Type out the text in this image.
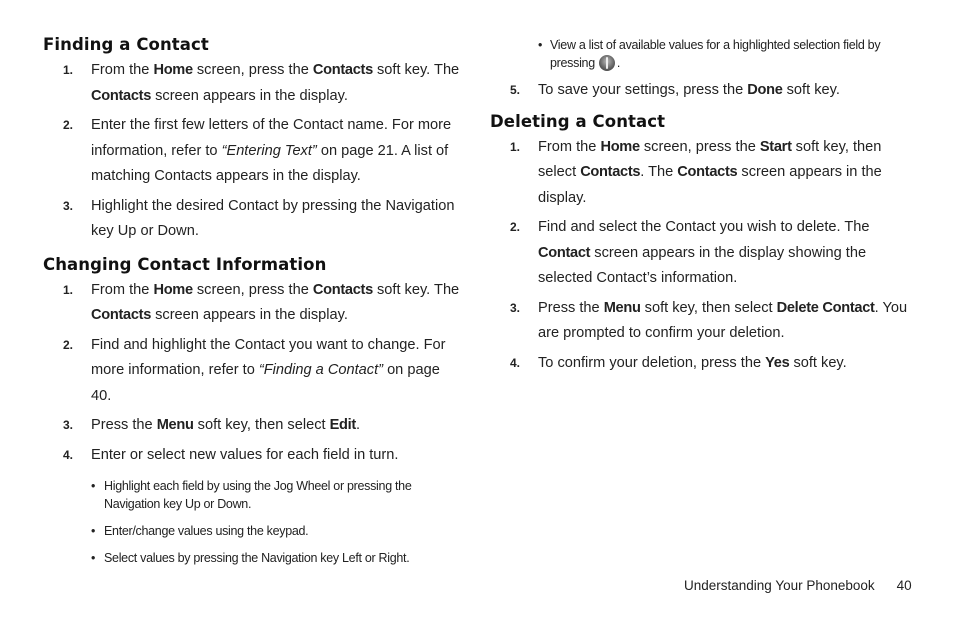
Finding a Contact
1. From the Home screen, press the Contacts soft key. The Contacts screen appears in the display.
2. Enter the first few letters of the Contact name. For more information, refer to “Entering Text” on page 21. A list of matching Contacts appears in the display.
3. Highlight the desired Contact by pressing the Navigation key Up or Down.
Changing Contact Information
1. From the Home screen, press the Contacts soft key. The Contacts screen appears in the display.
2. Find and highlight the Contact you want to change. For more information, refer to “Finding a Contact” on page 40.
3. Press the Menu soft key, then select Edit.
4. Enter or select new values for each field in turn.
• Highlight each field by using the Jog Wheel or pressing the Navigation key Up or Down.
• Enter/change values using the keypad.
• Select values by pressing the Navigation key Left or Right.
• View a list of available values for a highlighted selection field by pressing .
5. To save your settings, press the Done soft key.
Deleting a Contact
1. From the Home screen, press the Start soft key, then select Contacts. The Contacts screen appears in the display.
2. Find and select the Contact you wish to delete. The Contact screen appears in the display showing the selected Contact’s information.
3. Press the Menu soft key, then select Delete Contact. You are prompted to confirm your deletion.
4. To confirm your deletion, press the Yes soft key.
Understanding Your Phonebook 40
